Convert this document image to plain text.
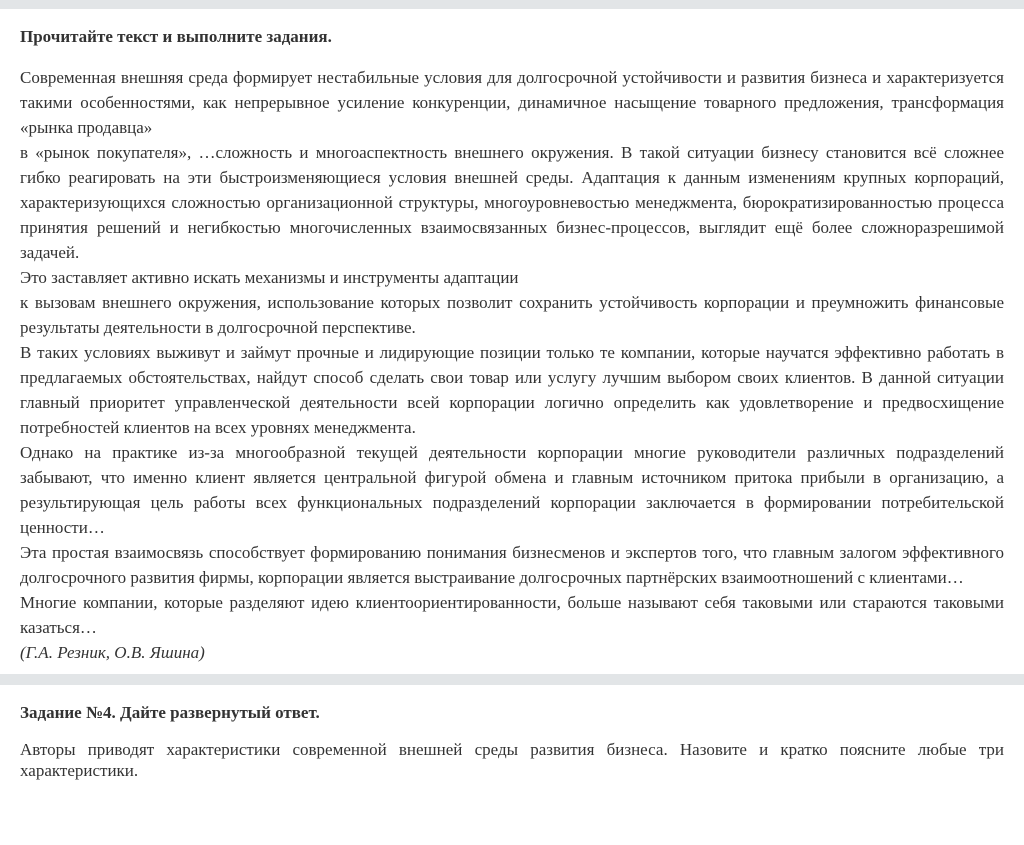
Прочитайте текст и выполните задания.

Современная внешняя среда формирует нестабильные условия для долгосрочной устойчивости и развития бизнеса и характеризуется такими особенностями, как непрерывное усиление конкуренции, динамичное насыщение товарного предложения, трансформация «рынка продавца»

в «рынок покупателя», …сложность и многоаспектность внешнего окружения. В такой ситуации бизнесу становится всё сложнее гибко реагировать на эти быстроизменяющиеся условия внешней среды. Адаптация к данным изменениям крупных корпораций, характеризующихся сложностью организационной структуры, многоуровневостью менеджмента, бюрократизированностью процесса принятия решений и негибкостью многочисленных взаимосвязанных бизнес-процессов, выглядит ещё более сложноразрешимой задачей.

Это заставляет активно искать механизмы и инструменты адаптации

к вызовам внешнего окружения, использование которых позволит сохранить устойчивость корпорации и преумножить финансовые результаты деятельности в долгосрочной перспективе.

В таких условиях выживут и займут прочные и лидирующие позиции только те компании, которые научатся эффективно работать в предлагаемых обстоятельствах, найдут способ сделать свои товар или услугу лучшим выбором своих клиентов. В данной ситуации главный приоритет управленческой деятельности всей корпорации логично определить как удовлетворение и предвосхищение потребностей клиентов на всех уровнях менеджмента.

Однако на практике из-за многообразной текущей деятельности корпорации многие руководители различных подразделений забывают, что именно клиент является центральной фигурой обмена и главным источником притока прибыли в организацию, а результирующая цель работы всех функциональных подразделений корпорации заключается в формировании потребительской ценности…

Эта простая взаимосвязь способствует формированию понимания бизнесменов и экспертов того, что главным залогом эффективного долгосрочного развития фирмы, корпорации является выстраивание долгосрочных партнёрских взаимоотношений с клиентами…

Многие компании, которые разделяют идею клиентоориентированности, больше называют себя таковыми или стараются таковыми казаться…

(Г.А. Резник, О.В. Яшина)

Задание №4. Дайте развернутый ответ.

Авторы приводят характеристики современной внешней среды развития бизнеса. Назовите и кратко поясните любые три характеристики.
